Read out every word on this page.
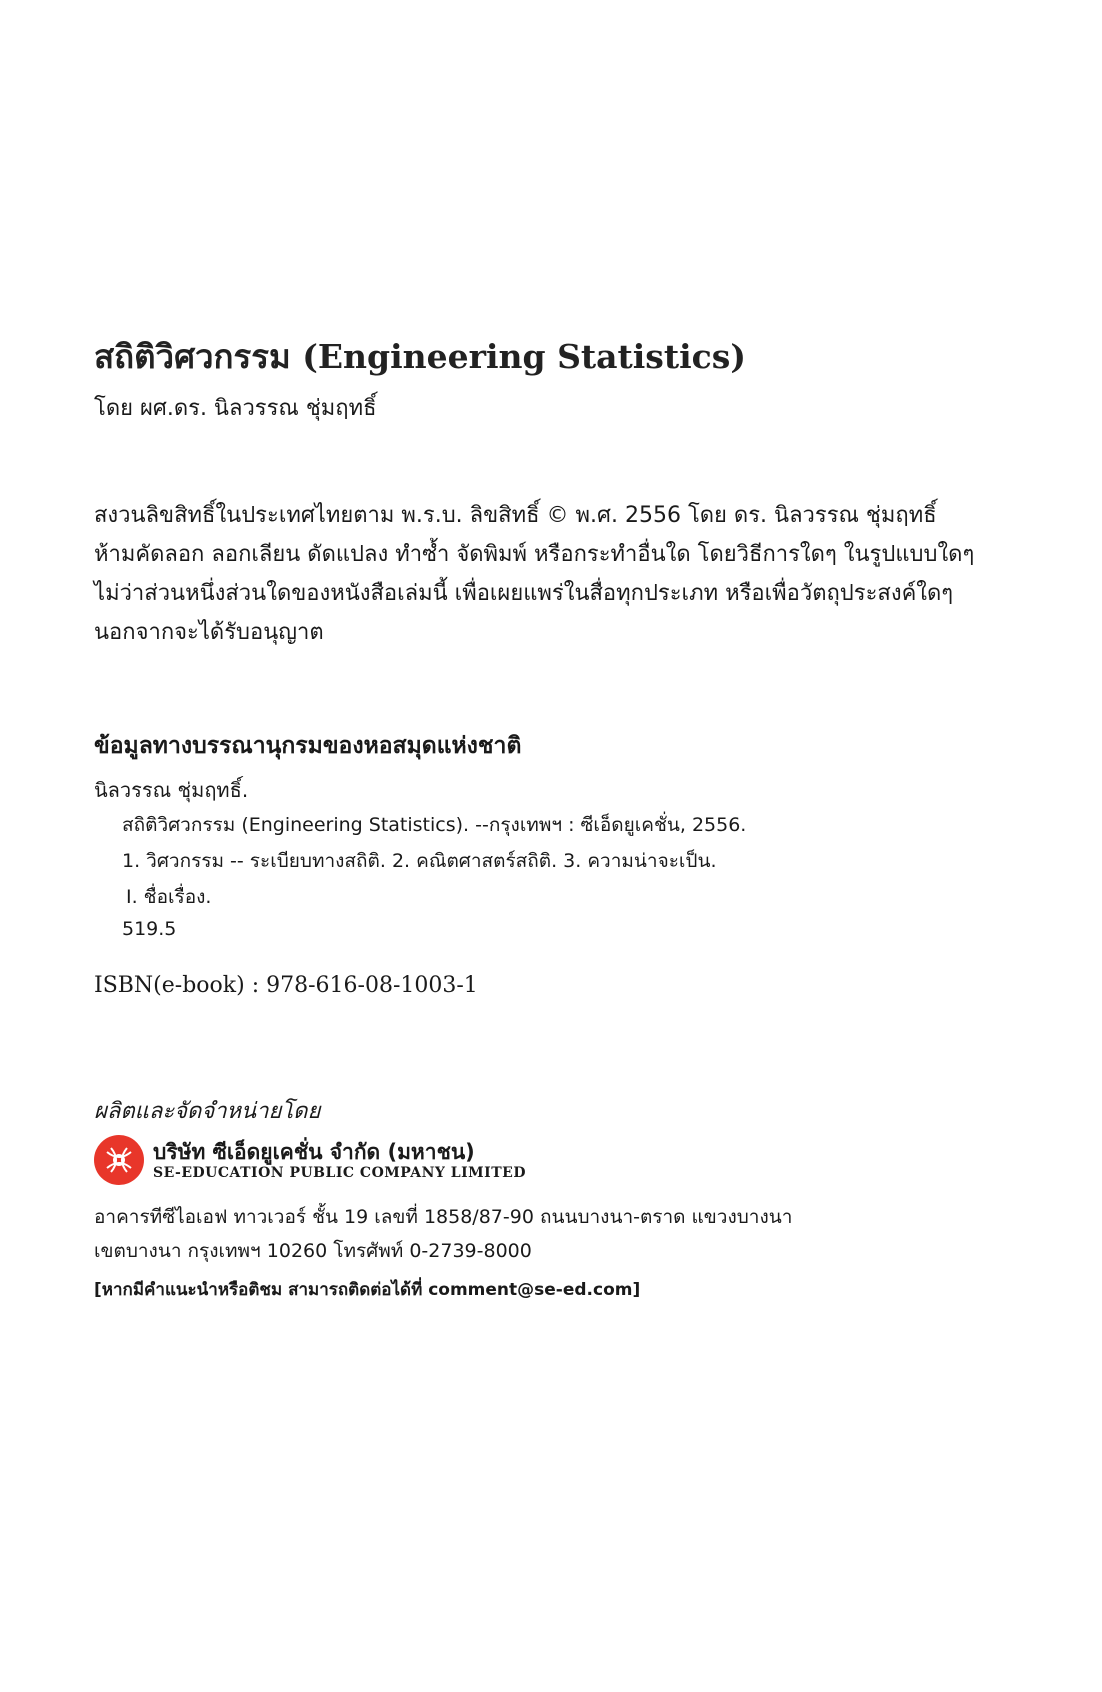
สถิติวิศวกรรม (Engineering Statistics)
โดย ผศ.ดร. นิลวรรณ ชุ่มฤทธิ์
สงวนลิขสิทธิ์ในประเทศไทยตาม พ.ร.บ. ลิขสิทธิ์ © พ.ศ. 2556 โดย ดร. นิลวรรณ ชุ่มฤทธิ์
ห้ามคัดลอก ลอกเลียน ดัดแปลง ทำซ้ำ จัดพิมพ์ หรือกระทำอื่นใด โดยวิธีการใดๆ ในรูปแบบใดๆ
ไม่ว่าส่วนหนึ่งส่วนใดของหนังสือเล่มนี้ เพื่อเผยแพร่ในสื่อทุกประเภท หรือเพื่อวัตถุประสงค์ใดๆ
นอกจากจะได้รับอนุญาต
ข้อมูลทางบรรณานุกรมของหอสมุดแห่งชาติ
นิลวรรณ ชุ่มฤทธิ์.
สถิติวิศวกรรม (Engineering Statistics). --กรุงเทพฯ : ซีเอ็ดยูเคชั่น, 2556.
1. วิศวกรรม -- ระเบียบทางสถิติ. 2. คณิตศาสตร์สถิติ. 3. ความน่าจะเป็น.
I. ชื่อเรื่อง.
519.5
ISBN(e-book) : 978-616-08-1003-1
ผลิตและจัดจำหน่ายโดย
บริษัท ซีเอ็ดยูเคชั่น จำกัด (มหาชน)
SE-EDUCATION PUBLIC COMPANY LIMITED
อาคารทีซีไอเอฟ ทาวเวอร์ ชั้น 19 เลขที่ 1858/87-90 ถนนบางนา-ตราด แขวงบางนา
เขตบางนา กรุงเทพฯ 10260 โทรศัพท์ 0-2739-8000
[หากมีคำแนะนำหรือติชม สามารถติดต่อได้ที่ comment@se-ed.com]
